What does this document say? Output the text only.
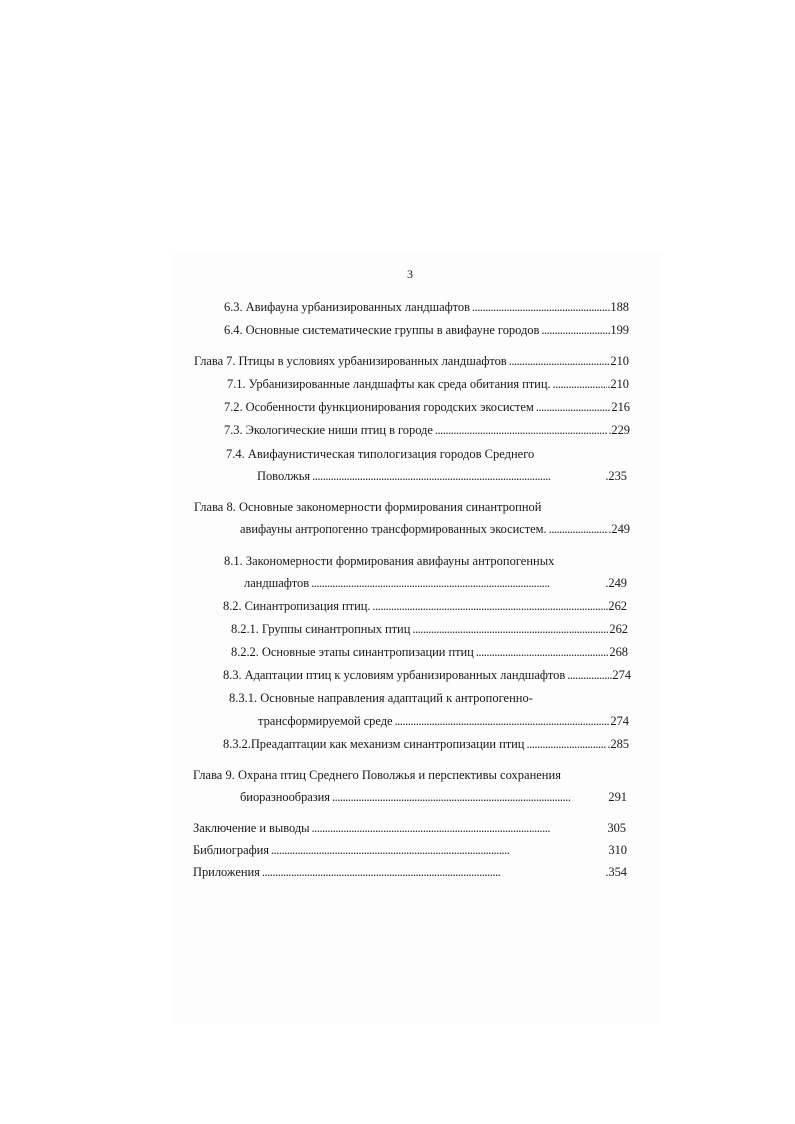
3
6.3. Авифауна урбанизированных ландшафтов . . .	.188
6.4. Основные систематические группы в авифауне городов . . .	199
Глава 7. Птицы в условиях урбанизированных ландшафтов . . .	210
7.1. Урбанизированные ландшафты как среда обитания птиц. . . .	.210
7.2. Особенности функционирования городских экосистем . . .	216
7.3. Экологические ниши птиц в городе . . .	.229
7.4. Авифаунистическая типологизация городов Среднего
Поволжья . . .	.235
Глава 8. Основные закономерности формирования синантропной
авифауны антропогенно трансформированных экосистем. . . .	.249
8.1. Закономерности формирования авифауны антропогенных
ландшафтов . . .	.249
8.2. Синантропизация птиц. . . .	.262
8.2.1. Группы синантропных птиц . . .	262
8.2.2. Основные этапы синантропизации птиц . . .	268
8.3. Адаптации птиц к условиям урбанизированных ландшафтов . . .	.274
8.3.1. Основные направления адаптаций к антропогенно-
трансформируемой среде . . .	274
8.3.2.Преадаптации как механизм синантропизации птиц . . .	.285
Глава 9. Охрана птиц Среднего Поволжья и перспективы сохранения
биоразнообразия . . .	291
Заключение и выводы . . .	305
Библиография . . .	310
Приложения . . .	.354
